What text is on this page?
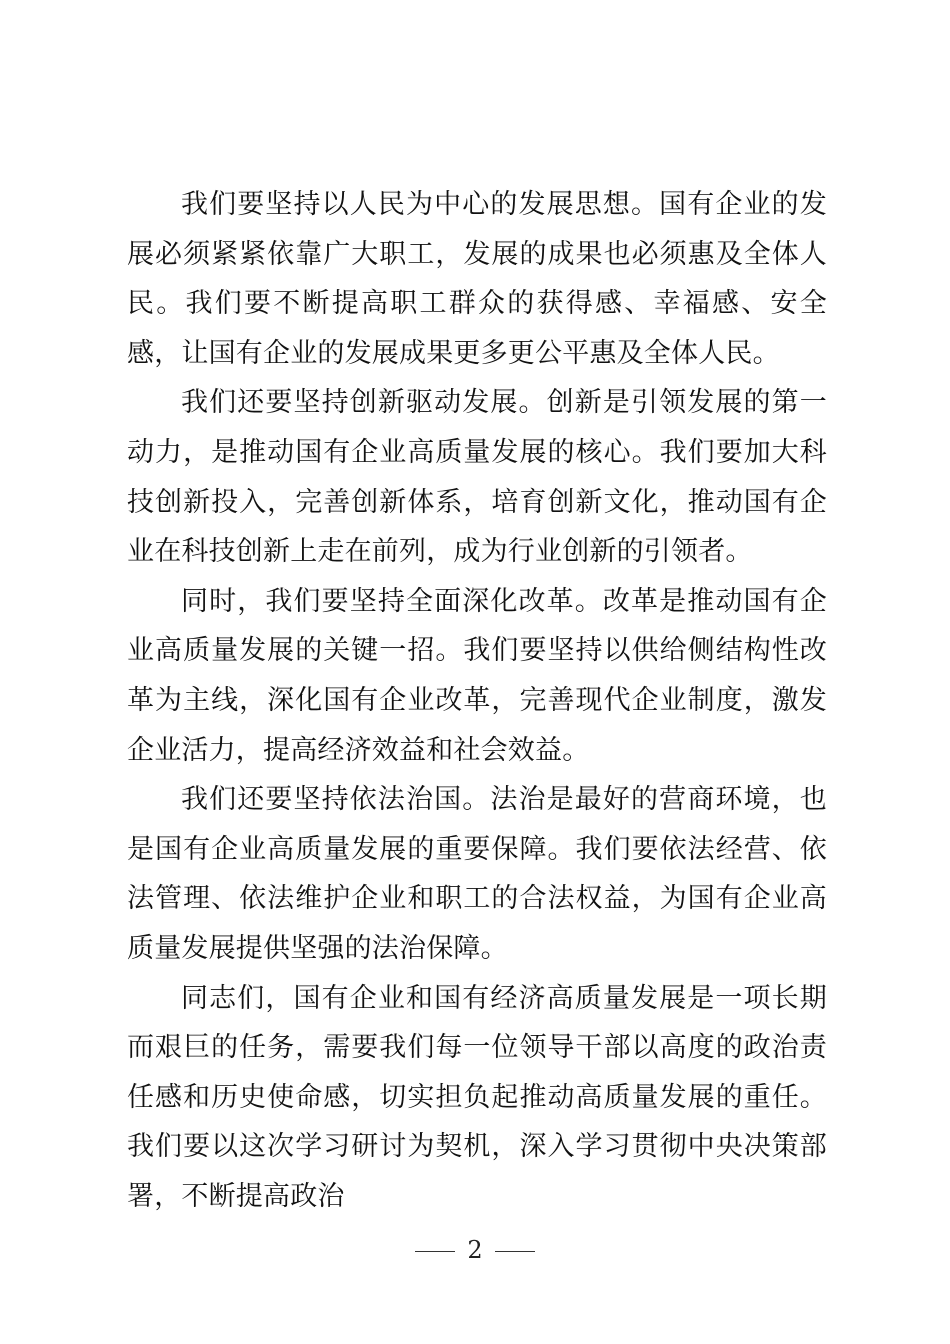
我们要坚持以人民为中心的发展思想。国有企业的发展必须紧紧依靠广大职工，发展的成果也必须惠及全体人民。我们要不断提高职工群众的获得感、幸福感、安全感，让国有企业的发展成果更多更公平惠及全体人民。

我们还要坚持创新驱动发展。创新是引领发展的第一动力，是推动国有企业高质量发展的核心。我们要加大科技创新投入，完善创新体系，培育创新文化，推动国有企业在科技创新上走在前列，成为行业创新的引领者。

同时，我们要坚持全面深化改革。改革是推动国有企业高质量发展的关键一招。我们要坚持以供给侧结构性改革为主线，深化国有企业改革，完善现代企业制度，激发企业活力，提高经济效益和社会效益。

我们还要坚持依法治国。法治是最好的营商环境，也是国有企业高质量发展的重要保障。我们要依法经营、依法管理、依法维护企业和职工的合法权益，为国有企业高质量发展提供坚强的法治保障。

同志们，国有企业和国有经济高质量发展是一项长期而艰巨的任务，需要我们每一位领导干部以高度的政治责任感和历史使命感，切实担负起推动高质量发展的重任。我们要以这次学习研讨为契机，深入学习贯彻中央决策部署，不断提高政治

2
